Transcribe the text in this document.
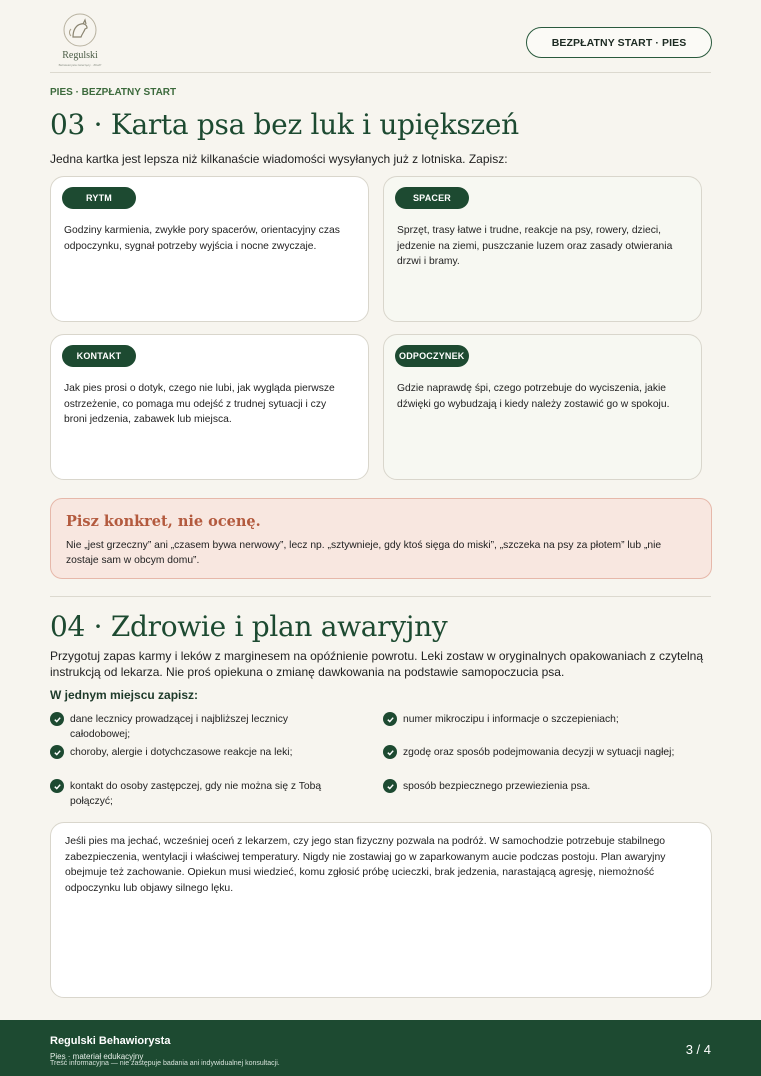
Regulski
Behawiorysta zwierzęcy · ZKwP
BEZPŁATNY START · PIES
PIES · BEZPŁATNY START
03 · Karta psa bez luk i upiększeń
Jedna kartka jest lepsza niż kilkanaście wiadomości wysyłanych już z lotniska. Zapisz:
RYTM

Godziny karmienia, zwykłe pory spacerów, orientacyjny czas odpoczynku, sygnał potrzeby wyjścia i nocne zwyczaje.

SPACER

Sprzęt, trasy łatwe i trudne, reakcje na psy, rowery, dzieci, jedzenie na ziemi, puszczanie luzem oraz zasady otwierania drzwi i bramy.

KONTAKT

Jak pies prosi o dotyk, czego nie lubi, jak wygląda pierwsze ostrzeżenie, co pomaga mu odejść z trudnej sytuacji i czy broni jedzenia, zabawek lub miejsca.

ODPOCZYNEK

Gdzie naprawdę śpi, czego potrzebuje do wyciszenia, jakie dźwięki go wybudzają i kiedy należy zostawić go w spokoju.

Pisz konkret, nie ocenę.

Nie „jest grzeczny” ani „czasem bywa nerwowy”, lecz np. „sztywnieje, gdy ktoś sięga do miski”, „szczeka na psy za płotem” lub „nie zostaje sam w obcym domu”.

04 · Zdrowie i plan awaryjny
Przygotuj zapas karmy i leków z marginesem na opóźnienie powrotu. Leki zostaw w oryginalnych opakowaniach z czytelną instrukcją od lekarza. Nie proś opiekuna o zmianę dawkowania na podstawie samopoczucia psa.
W jednym miejscu zapisz:
dane lecznicy prowadzącej i najbliższej lecznicy całodobowej;
numer mikroczipu i informacje o szczepieniach;
choroby, alergie i dotychczasowe reakcje na leki;	zgodę oraz sposób podejmowania decyzji w sytuacji nagłej;
kontakt do osoby zastępczej, gdy nie można się z Tobą połączyć;
sposób bezpiecznego przewiezienia psa.

Jeśli pies ma jechać, wcześniej oceń z lekarzem, czy jego stan fizyczny pozwala na podróż. W samochodzie potrzebuje stabilnego zabezpieczenia, wentylacji i właściwej temperatury. Nigdy nie zostawiaj go w zaparkowanym aucie podczas postoju. Plan awaryjny obejmuje też zachowanie. Opiekun musi wiedzieć, komu zgłosić próbę ucieczki, brak jedzenia, narastającą agresję, niemożność odpoczynku lub objawy silnego lęku.

Regulski Behawiorysta
Pies · materiał edukacyjny
Treść informacyjna — nie zastępuje badania ani indywidualnej konsultacji.
3 / 4
